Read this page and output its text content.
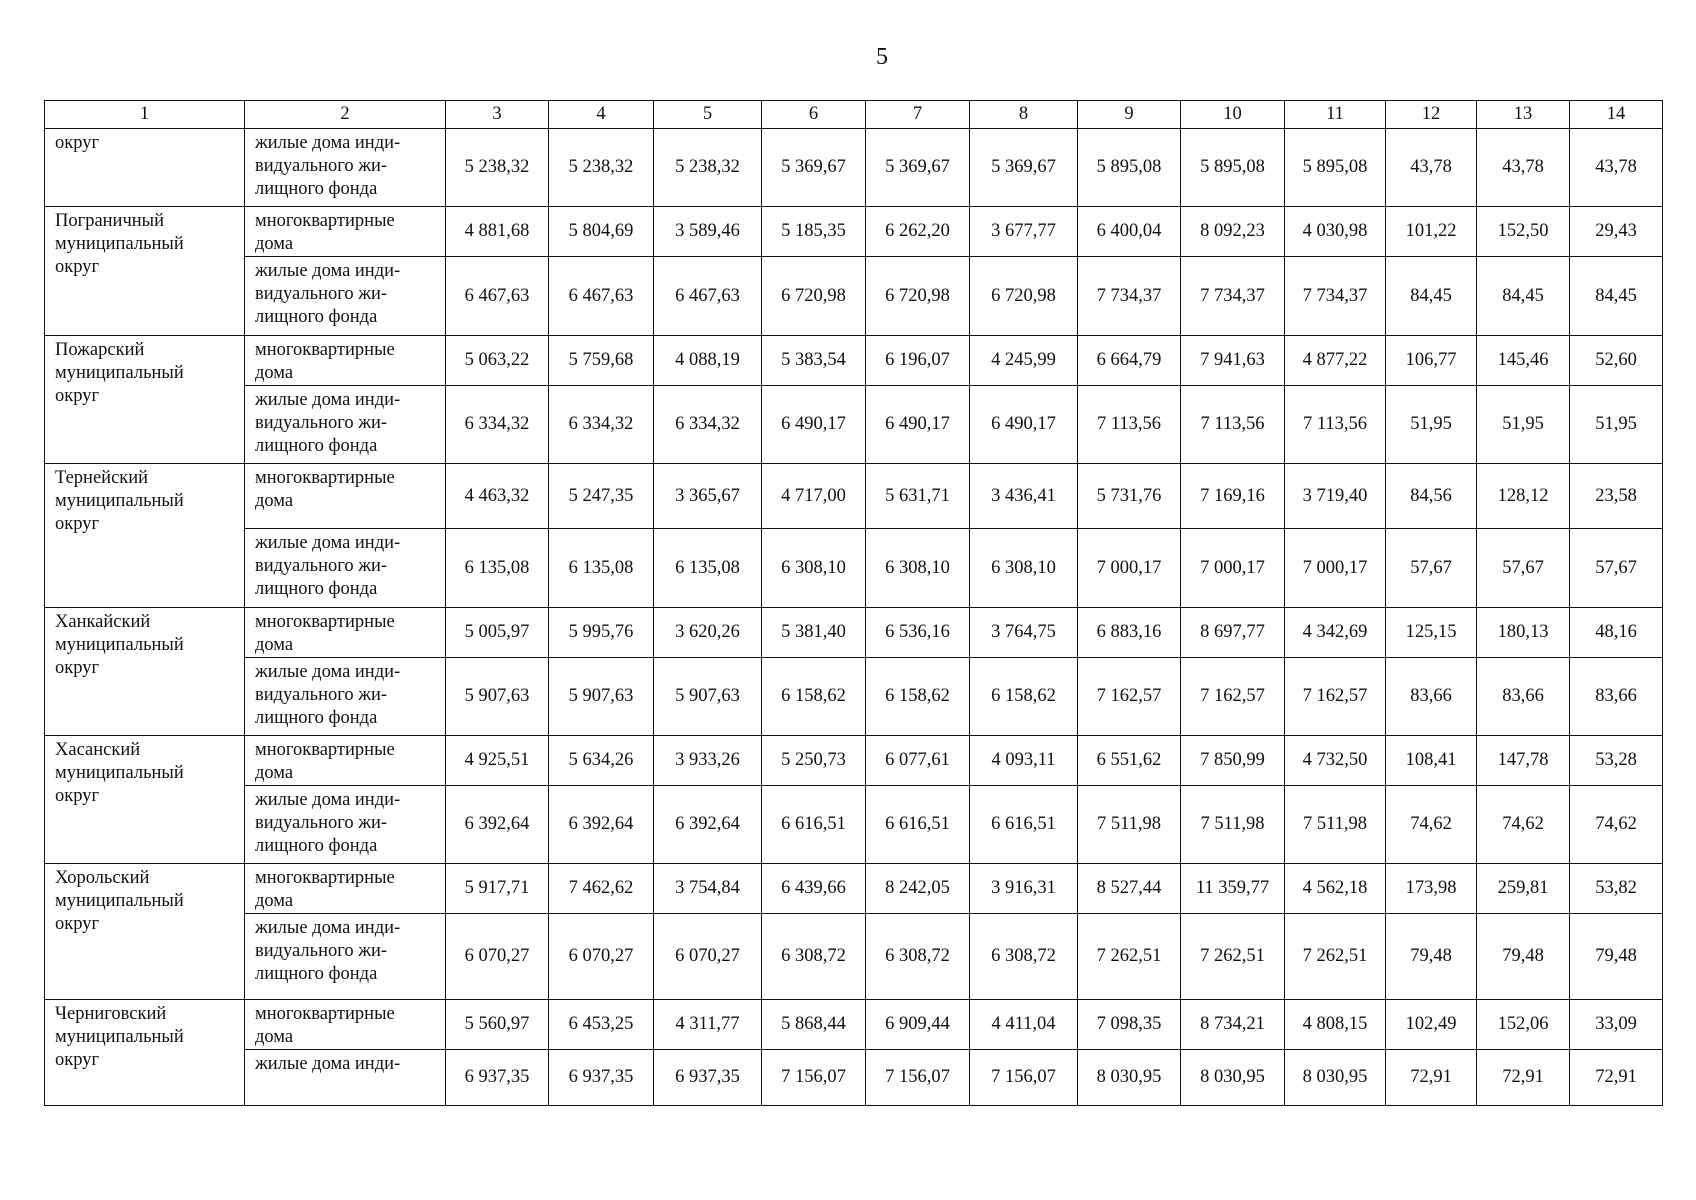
5
1	2	3	4	5	6	7	8	9	10	11	12	13	14
округ	жилые дома инди-
видуального жи-
лищного фонда	5 238,32	5 238,32	5 238,32	5 369,67	5 369,67	5 369,67	5 895,08	5 895,08	5 895,08	43,78	43,78	43,78
Пограничный
муниципальный
округ	многоквартирные
дома	4 881,68	5 804,69	3 589,46	5 185,35	6 262,20	3 677,77	6 400,04	8 092,23	4 030,98	101,22	152,50	29,43
	жилые дома инди-
видуального жи-
лищного фонда	6 467,63	6 467,63	6 467,63	6 720,98	6 720,98	6 720,98	7 734,37	7 734,37	7 734,37	84,45	84,45	84,45
Пожарский
муниципальный
округ	многоквартирные
дома	5 063,22	5 759,68	4 088,19	5 383,54	6 196,07	4 245,99	6 664,79	7 941,63	4 877,22	106,77	145,46	52,60
	жилые дома инди-
видуального жи-
лищного фонда	6 334,32	6 334,32	6 334,32	6 490,17	6 490,17	6 490,17	7 113,56	7 113,56	7 113,56	51,95	51,95	51,95
Тернейский
муниципальный
округ	многоквартирные
дома	4 463,32	5 247,35	3 365,67	4 717,00	5 631,71	3 436,41	5 731,76	7 169,16	3 719,40	84,56	128,12	23,58
	жилые дома инди-
видуального жи-
лищного фонда	6 135,08	6 135,08	6 135,08	6 308,10	6 308,10	6 308,10	7 000,17	7 000,17	7 000,17	57,67	57,67	57,67
Ханкайский
муниципальный
округ	многоквартирные
дома	5 005,97	5 995,76	3 620,26	5 381,40	6 536,16	3 764,75	6 883,16	8 697,77	4 342,69	125,15	180,13	48,16
	жилые дома инди-
видуального жи-
лищного фонда	5 907,63	5 907,63	5 907,63	6 158,62	6 158,62	6 158,62	7 162,57	7 162,57	7 162,57	83,66	83,66	83,66
Хасанский
муниципальный
округ	многоквартирные
дома	4 925,51	5 634,26	3 933,26	5 250,73	6 077,61	4 093,11	6 551,62	7 850,99	4 732,50	108,41	147,78	53,28
	жилые дома инди-
видуального жи-
лищного фонда	6 392,64	6 392,64	6 392,64	6 616,51	6 616,51	6 616,51	7 511,98	7 511,98	7 511,98	74,62	74,62	74,62
Хорольский
муниципальный
округ	многоквартирные
дома	5 917,71	7 462,62	3 754,84	6 439,66	8 242,05	3 916,31	8 527,44	11 359,77	4 562,18	173,98	259,81	53,82
	жилые дома инди-
видуального жи-
лищного фонда	6 070,27	6 070,27	6 070,27	6 308,72	6 308,72	6 308,72	7 262,51	7 262,51	7 262,51	79,48	79,48	79,48
Черниговский
муниципальный
округ	многоквартирные
дома	5 560,97	6 453,25	4 311,77	5 868,44	6 909,44	4 411,04	7 098,35	8 734,21	4 808,15	102,49	152,06	33,09
	жилые дома инди-	6 937,35	6 937,35	6 937,35	7 156,07	7 156,07	7 156,07	8 030,95	8 030,95	8 030,95	72,91	72,91	72,91
